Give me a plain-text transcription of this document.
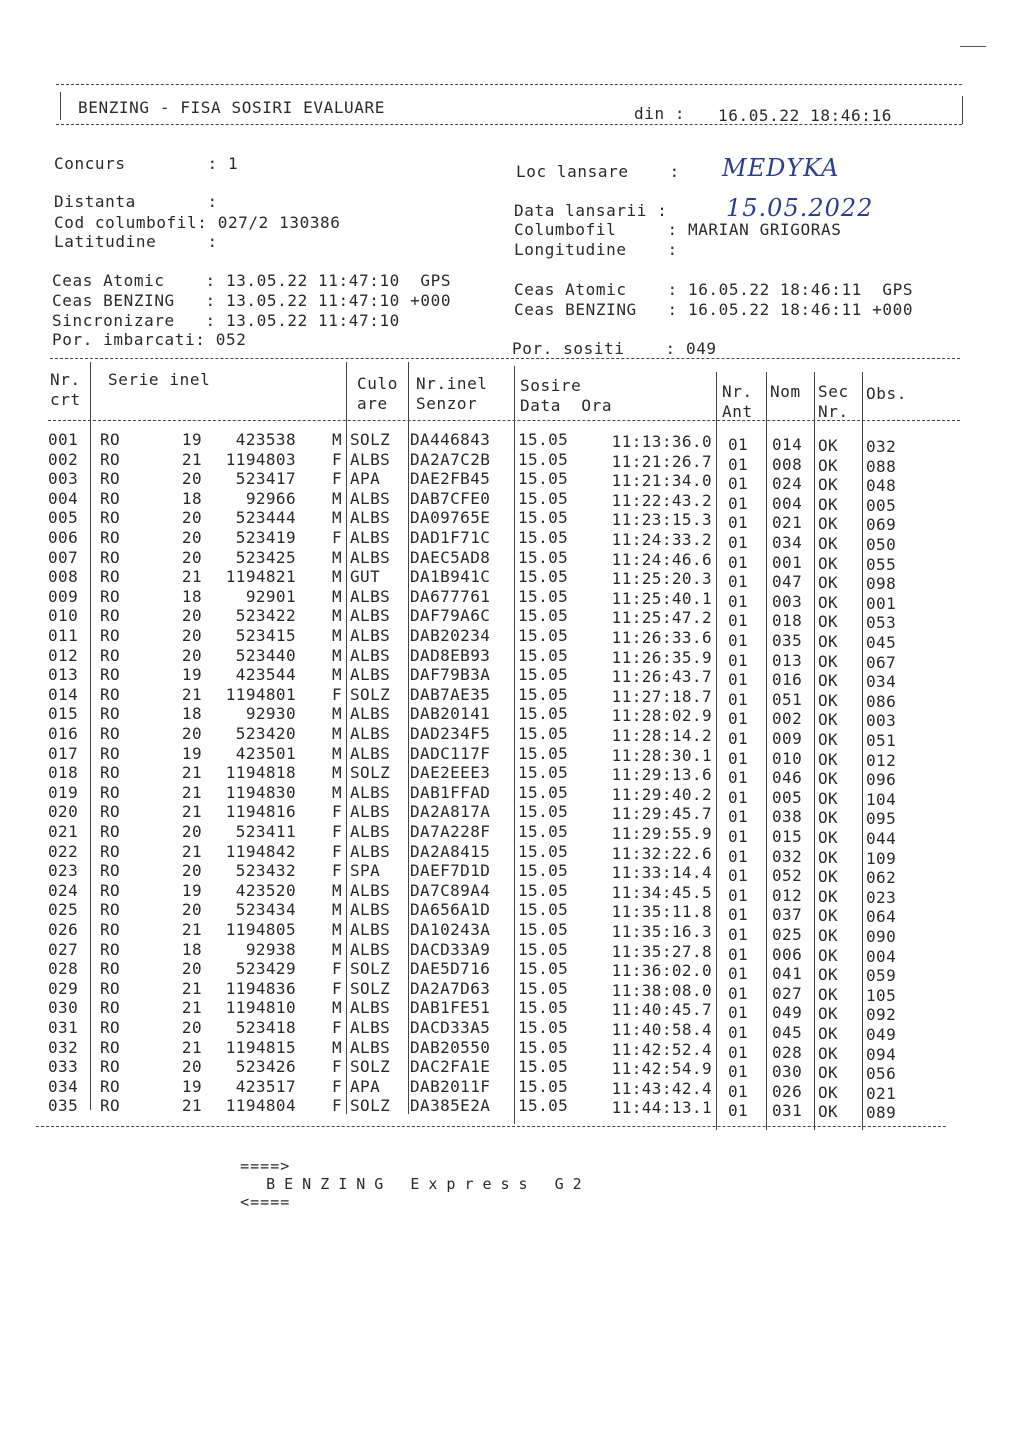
BENZING - FISA SOSIRI EVALUARE	din : 16.05.22 18:46:16
Concurs        : 1
Distanta       :
Cod columbofil: 027/2 130386
Latitudine     :
Ceas Atomic    : 13.05.22 11:47:10  GPS
Ceas BENZING   : 13.05.22 11:47:10 +000
Sincronizare   : 13.05.22 11:47:10
Por. imbarcati: 052
Loc lansare    : MEDYKA
Data lansarii : 15.05.2022
Columbofil     : MARIAN GRIGORAS
Longitudine    :
Ceas Atomic    : 16.05.22 18:46:11  GPS
Ceas BENZING   : 16.05.22 18:46:11 +000
Por. sositi    : 049
Nr.
crt
Serie inel	Culo
are
Nr.inel
Senzor
Sosire
Data  Ora
Nr.
Ant
Nom Sec
Nr.
Obs.
001	RO	19	423538	M SOLZ	DA446843	15.05	11:13:36.0 01	014 OK	032
002	RO	21	1194803	F ALBS	DA2A7C2B	15.05	11:21:26.7 01	008 OK	088
003	RO	20	523417	F APA	DAE2FB45	15.05	11:21:34.0 01	024 OK	048
004	RO	18	92966	M ALBS	DAB7CFE0	15.05	11:22:43.2 01	004 OK	005
005	RO	20	523444	M ALBS	DA09765E	15.05	11:23:15.3 01	021 OK	069
006	RO	20	523419	F ALBS	DAD1F71C	15.05	11:24:33.2 01	034 OK	050
007	RO	20	523425	M ALBS	DAEC5AD8	15.05	11:24:46.6 01	001 OK	055
008	RO	21	1194821	M GUT	DA1B941C	15.05	11:25:20.3 01	047 OK	098
009	RO	18	92901	M ALBS	DA677761	15.05	11:25:40.1 01	003 OK	001
010	RO	20	523422	M ALBS	DAF79A6C	15.05	11:25:47.2 01	018 OK	053
011	RO	20	523415	M ALBS	DAB20234	15.05	11:26:33.6 01	035 OK	045
012	RO	20	523440	M ALBS	DAD8EB93	15.05	11:26:35.9 01	013 OK	067
013	RO	19	423544	M ALBS	DAF79B3A	15.05	11:26:43.7 01	016 OK	034
014	RO	21	1194801	F SOLZ	DAB7AE35	15.05	11:27:18.7 01	051 OK	086
015	RO	18	92930	M ALBS	DAB20141	15.05	11:28:02.9 01	002 OK	003
016	RO	20	523420	M ALBS	DAD234F5	15.05	11:28:14.2 01	009 OK	051
017	RO	19	423501	M ALBS	DADC117F	15.05	11:28:30.1 01	010 OK	012
018	RO	21	1194818	M SOLZ	DAE2EEE3	15.05	11:29:13.6 01	046 OK	096
019	RO	21	1194830	M ALBS	DAB1FFAD	15.05	11:29:40.2 01	005 OK	104
020	RO	21	1194816	F ALBS	DA2A817A	15.05	11:29:45.7 01	038 OK	095
021	RO	20	523411	F ALBS	DA7A228F	15.05	11:29:55.9 01	015 OK	044
022	RO	21	1194842	F ALBS	DA2A8415	15.05	11:32:22.6 01	032 OK	109
023	RO	20	523432	F SPA	DAEF7D1D	15.05	11:33:14.4 01	052 OK	062
024	RO	19	423520	M ALBS	DA7C89A4	15.05	11:34:45.5 01	012 OK	023
025	RO	20	523434	M ALBS	DA656A1D	15.05	11:35:11.8 01	037 OK	064
026	RO	21	1194805	M ALBS	DA10243A	15.05	11:35:16.3 01	025 OK	090
027	RO	18	92938	M ALBS	DACD33A9	15.05	11:35:27.8 01	006 OK	004
028	RO	20	523429	F SOLZ	DAE5D716	15.05	11:36:02.0 01	041 OK	059
029	RO	21	1194836	F SOLZ	DA2A7D63	15.05	11:38:08.0 01	027 OK	105
030	RO	21	1194810	M ALBS	DAB1FE51	15.05	11:40:45.7 01	049 OK	092
031	RO	20	523418	F ALBS	DACD33A5	15.05	11:40:58.4 01	045 OK	049
032	RO	21	1194815	M ALBS	DAB20550	15.05	11:42:52.4 01	028 OK	094
033	RO	20	523426	F SOLZ	DAC2FA1E	15.05	11:42:54.9 01	030 OK	056
034	RO	19	423517	F APA	DAB2011F	15.05	11:43:42.4 01	026 OK	021
035	RO	21	1194804	F SOLZ	DA385E2A	15.05	11:44:13.1 01	031 OK	089

====>
BENZING Express G2
<====
